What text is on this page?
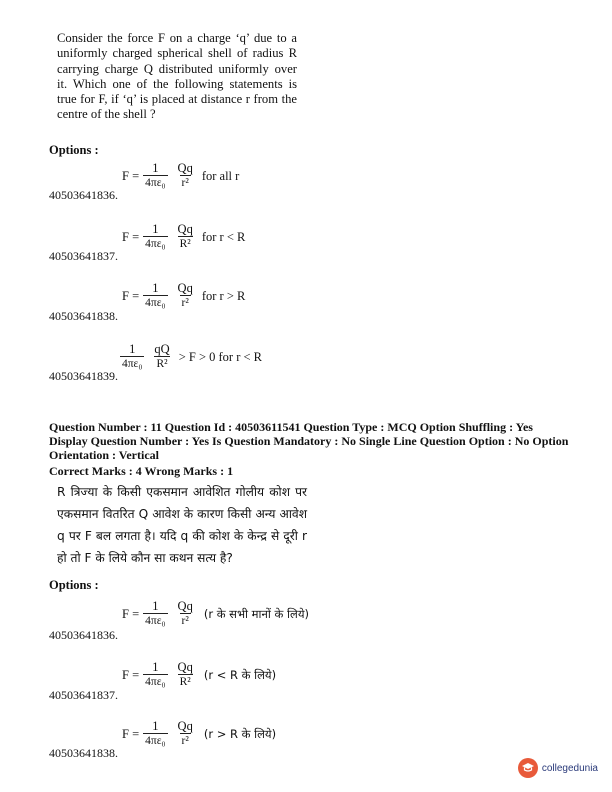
Consider the force F on a charge ‘q’ due to a uniformly charged spherical shell of radius R carrying charge Q distributed uniformly over it. Which one of the following statements is true for F, if ‘q’ is placed at distance r from the centre of the shell ?
Options :
$F = \frac{1}{\text{4πε₀}} \frac{Qq}{\text{r²}}$ for all r
40503641836.
$F = \frac{1}{\text{4πε₀}} \frac{Qq}{\text{R²}}$ for r < R
40503641837.
$F = \frac{1}{\text{4πε₀}} \frac{Qq}{\text{r²}}$ for r > R
40503641838.
$\frac{1}{\text{4πε₀}} \frac{qQ}{\text{R²}} > F > 0$ for r < R
40503641839.
Question Number : 11 Question Id : 40503611541 Question Type : MCQ Option Shuffling : Yes
Display Question Number : Yes Is Question Mandatory : No Single Line Question Option : No Option
Orientation : Vertical
Correct Marks : 4 Wrong Marks : 1
R त्रिज्या के किसी एकसमान आवेशित गोलीय कोश पर एकसमान वितरित Q आवेश के कारण किसी अन्य आवेश q पर F बल लगता है। यदि q की कोश के केन्द्र से दूरी r हो तो F के लिये कौन सा कथन सत्य है?
Options :
$F = \frac{1}{\text{4πε₀}} \frac{Qq}{\text{r²}} (r$ के सभी मानों के लिये)
40503641836.
$F = \frac{1}{\text{4πε₀}} \frac{Qq}{\text{R²}} (r < R$ के लिये)
40503641837.
$F = \frac{1}{\text{4πε₀}} \frac{Qq}{\text{r²}} (r > R$ के लिये)
40503641838.
collegedunia
